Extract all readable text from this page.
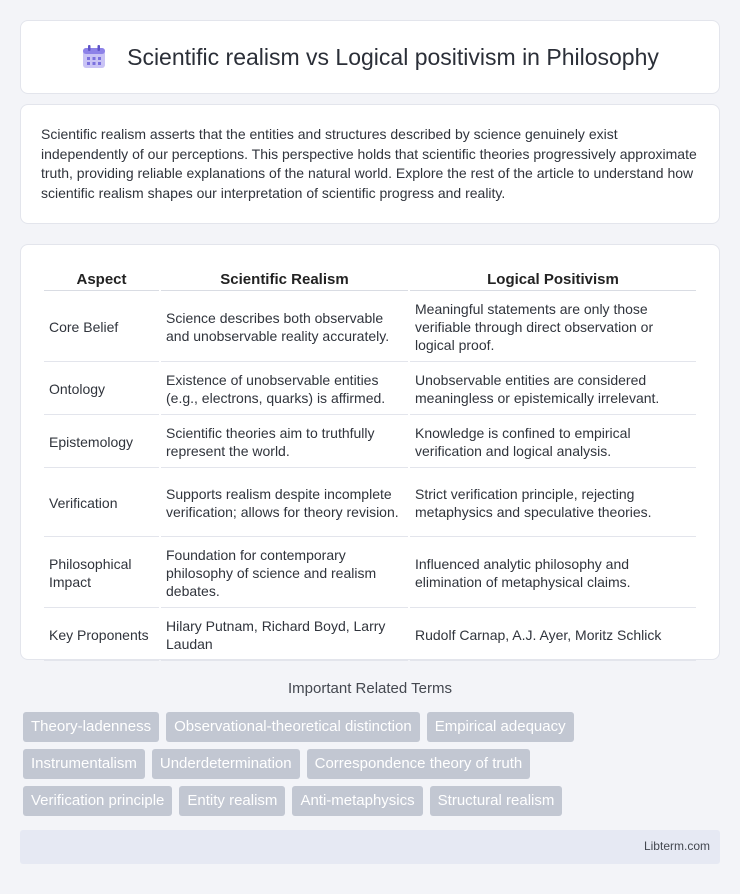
Scientific realism vs Logical positivism in Philosophy

Scientific realism asserts that the entities and structures described by science genuinely exist independently of our perceptions. This perspective holds that scientific theories progressively approximate truth, providing reliable explanations of the natural world. Explore the rest of the article to understand how scientific realism shapes our interpretation of scientific progress and reality.

Aspect	Scientific Realism	Logical Positivism
Core Belief	Science describes both observable and unobservable reality accurately.	Meaningful statements are only those verifiable through direct observation or logical proof.
Ontology	Existence of unobservable entities (e.g., electrons, quarks) is affirmed.	Unobservable entities are considered meaningless or epistemically irrelevant.
Epistemology	Scientific theories aim to truthfully represent the world.	Knowledge is confined to empirical verification and logical analysis.
Verification	Supports realism despite incomplete verification; allows for theory revision.	Strict verification principle, rejecting metaphysics and speculative theories.
Philosophical Impact	Foundation for contemporary philosophy of science and realism debates.	Influenced analytic philosophy and elimination of metaphysical claims.
Key Proponents	Hilary Putnam, Richard Boyd, Larry Laudan	Rudolf Carnap, A.J. Ayer, Moritz Schlick
Important Related Terms
Theory-ladenness	Observational-theoretical distinction	Empirical adequacy
Instrumentalism	Underdetermination	Correspondence theory of truth
Verification principle	Entity realism	Anti-metaphysics	Structural realism
Libterm.com
